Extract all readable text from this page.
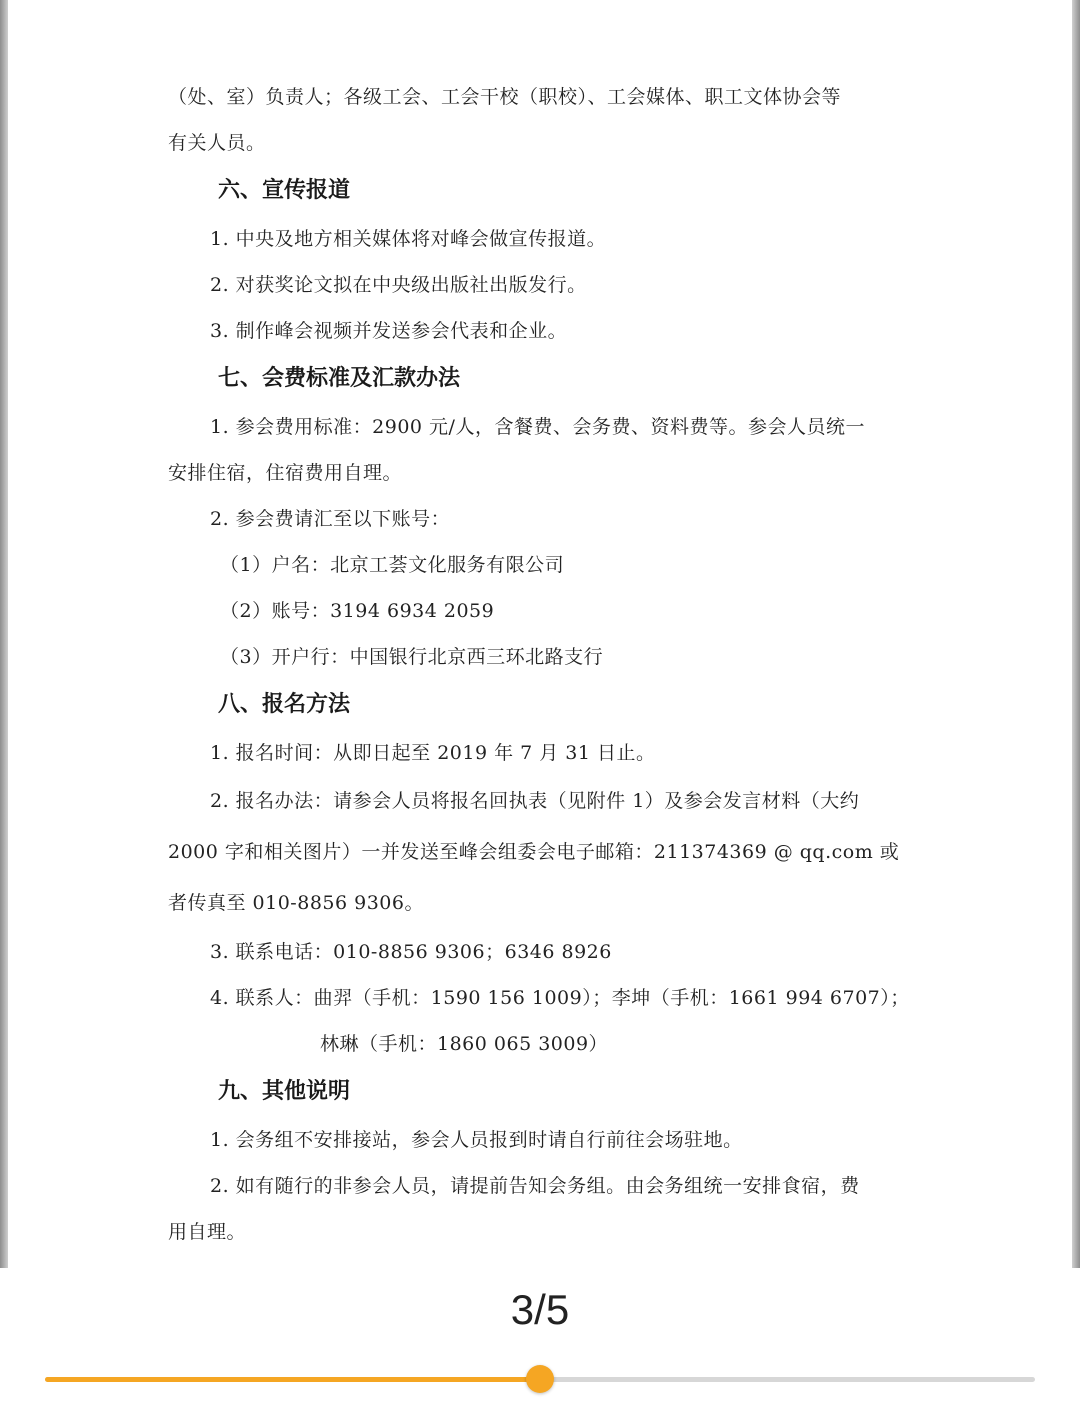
（处、室）负责人；各级工会、工会干校（职校）、工会媒体、职工文体协会等
有关人员。
六、宣传报道
1. 中央及地方相关媒体将对峰会做宣传报道。
2. 对获奖论文拟在中央级出版社出版发行。
3. 制作峰会视频并发送参会代表和企业。
七、会费标准及汇款办法
1. 参会费用标准：2900 元/人，含餐费、会务费、资料费等。参会人员统一
安排住宿，住宿费用自理。
2. 参会费请汇至以下账号：
（1）户名：北京工荟文化服务有限公司
（2）账号：3194 6934 2059
（3）开户行：中国银行北京西三环北路支行
八、报名方法
1. 报名时间：从即日起至 2019 年 7 月 31 日止。
2. 报名办法：请参会人员将报名回执表（见附件 1）及参会发言材料（大约
2000 字和相关图片）一并发送至峰会组委会电子邮箱：211374369 @ qq.com 或
者传真至 010-8856 9306。
3. 联系电话：010-8856 9306；6346 8926
4. 联系人：曲羿（手机：1590 156 1009）；李坤（手机：1661 994 6707）；
林琳（手机：1860 065 3009）
九、其他说明
1. 会务组不安排接站，参会人员报到时请自行前往会场驻地。
2. 如有随行的非参会人员，请提前告知会务组。由会务组统一安排食宿，费
用自理。
3/5
